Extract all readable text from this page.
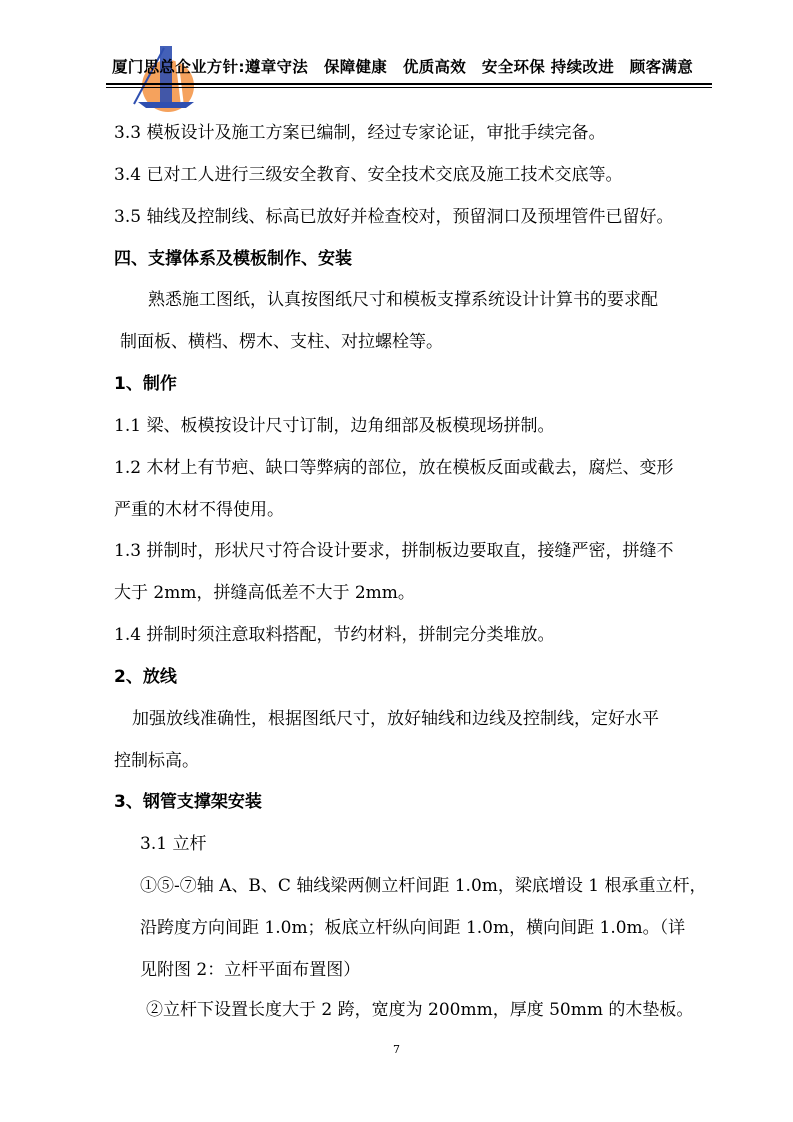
厦门思总企业方针:遵章守法　保障健康　优质高效　安全环保 持续改进　顾客满意
3.3 模板设计及施工方案已编制，经过专家论证，审批手续完备。
3.4 已对工人进行三级安全教育、安全技术交底及施工技术交底等。
3.5 轴线及控制线、标高已放好并检查校对，预留洞口及预埋管件已留好。
四、支撑体系及模板制作、安装
熟悉施工图纸，认真按图纸尺寸和模板支撑系统设计计算书的要求配
制面板、横档、楞木、支柱、对拉螺栓等。
1、制作
1.1 梁、板模按设计尺寸订制，边角细部及板模现场拼制。
1.2 木材上有节疤、缺口等弊病的部位，放在模板反面或截去，腐烂、变形
严重的木材不得使用。
1.3 拼制时，形状尺寸符合设计要求，拼制板边要取直，接缝严密，拼缝不
大于 2mm，拼缝高低差不大于 2mm。
1.4 拼制时须注意取料搭配，节约材料，拼制完分类堆放。
2、放线
加强放线准确性，根据图纸尺寸，放好轴线和边线及控制线，定好水平
控制标高。
3、钢管支撑架安装
3.1 立杆
①⑤-⑦轴 A、B、C 轴线梁两侧立杆间距 1.0m，梁底增设 1 根承重立杆，
沿跨度方向间距 1.0m；板底立杆纵向间距 1.0m，横向间距 1.0m。（详
见附图 2：立杆平面布置图）
②立杆下设置长度大于 2 跨，宽度为 200mm，厚度 50mm 的木垫板。
7
